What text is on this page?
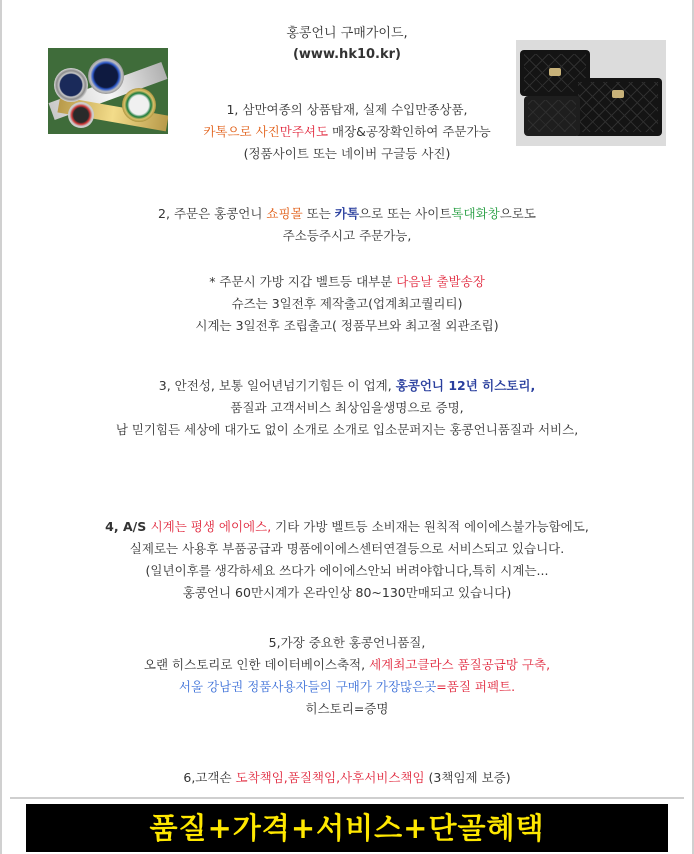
홍콩언니 구매가이드,
(www.hk10.kr)
1, 삼만여종의 상품탑재, 실제 수입만종상품,
카톡으로 사진만주셔도 매장&공장확인하여 주문가능
(정품사이트 또는 네이버 구글등 사진)
2, 주문은 홍콩언니 쇼핑몰 또는 카톡으로 또는 사이트톡대화창으로도
주소등주시고 주문가능,
* 주문시 가방 지갑 벨트등 대부분 다음날 출발송장
슈즈는 3일전후 제작출고(업계최고퀄리티)
시계는 3일전후 조립출고( 정품무브와 최고절 외관조립)
3, 안전성, 보통 일어년넘기기힘든 이 업계, 홍콩언니 12년 히스토리,
품질과 고객서비스 최상임을생명으로 증명,
남 믿기힘든 세상에 대가도 없이 소개로 소개로 입소문퍼지는 홍콩언니품질과 서비스,
4, A/S 시계는 평생 에이에스, 기타 가방 벨트등 소비재는 원칙적 에이에스불가능함에도,
실제로는 사용후 부품공급과 명품에이에스센터연결등으로 서비스되고 있습니다.
(일년이후를 생각하세요 쓰다가 에이에스안뇌 버려야합니다,특히 시계는...
홍콩언니 60만시계가 온라인상 80~130만매되고 있습니다)
5,가장 중요한 홍콩언니품질,
오랜 히스토리로 인한 데이터베이스축적, 세계최고클라스 품질공급망 구축,
서울 강남권 정품사용자들의 구매가 가장많은곳=품질 퍼펙트.
히스토리=증명
6,고객손 도착책임,품질책임,사후서비스책임 (3책임제 보증)
품질+가격+서비스+단골혜택
